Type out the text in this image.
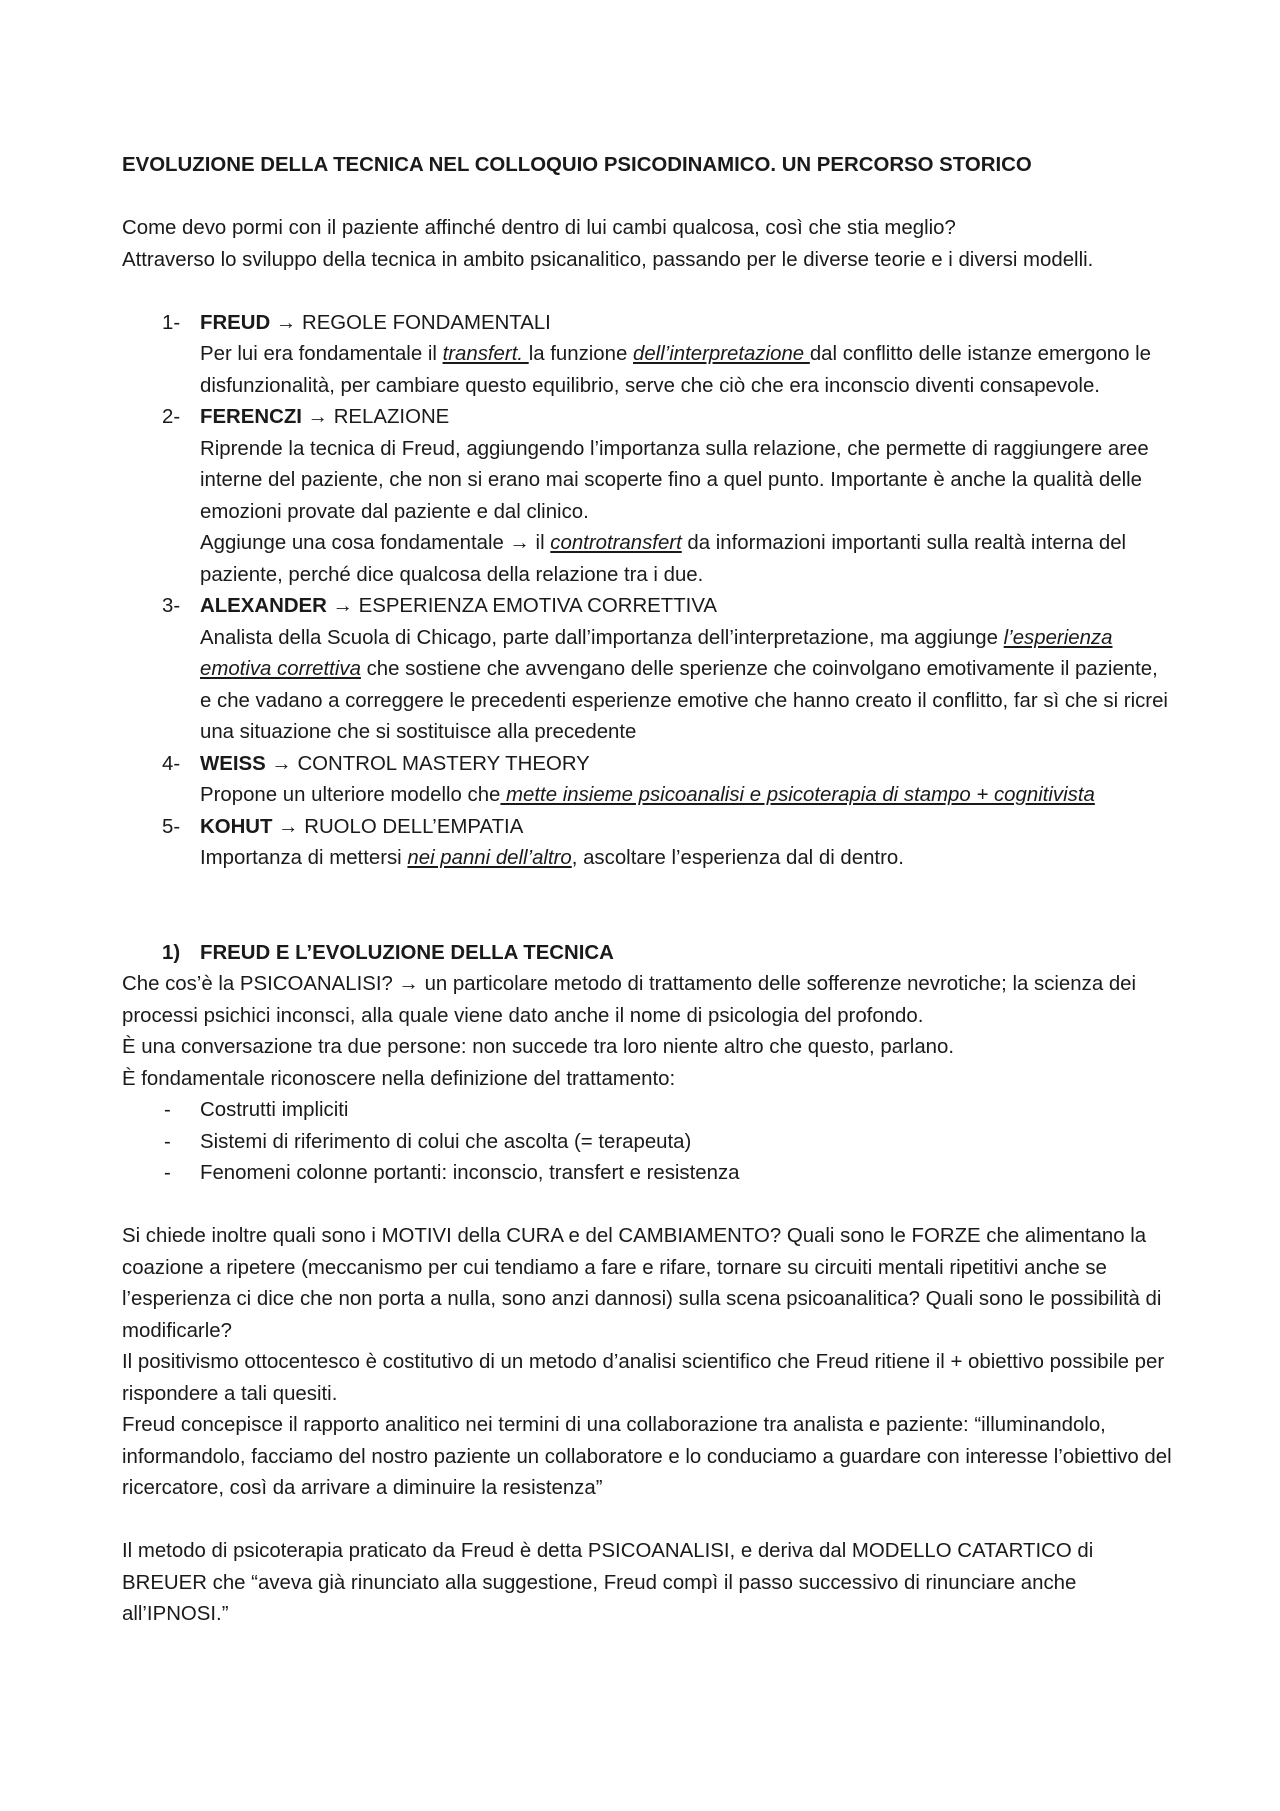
EVOLUZIONE DELLA TECNICA NEL COLLOQUIO PSICODINAMICO. UN PERCORSO STORICO

Come devo pormi con il paziente affinché dentro di lui cambi qualcosa, così che stia meglio?

Attraverso lo sviluppo della tecnica in ambito psicanalitico, passando per le diverse teorie e i diversi modelli.

1- FREUD → REGOLE FONDAMENTALI
Per lui era fondamentale il transfert. la funzione dell’interpretazione dal conflitto delle istanze emergono le disfunzionalità, per cambiare questo equilibrio, serve che ciò che era inconscio diventi consapevole.
2- FERENCZI → RELAZIONE
Riprende la tecnica di Freud, aggiungendo l’importanza sulla relazione, che permette di raggiungere aree interne del paziente, che non si erano mai scoperte fino a quel punto. Importante è anche la qualità delle emozioni provate dal paziente e dal clinico.
Aggiunge una cosa fondamentale → il controtransfert da informazioni importanti sulla realtà interna del paziente, perché dice qualcosa della relazione tra i due.
3- ALEXANDER → ESPERIENZA EMOTIVA CORRETTIVA
Analista della Scuola di Chicago, parte dall’importanza dell’interpretazione, ma aggiunge l’esperienza emotiva correttiva che sostiene che avvengano delle sperienze che coinvolgano emotivamente il paziente, e che vadano a correggere le precedenti esperienze emotive che hanno creato il conflitto, far sì che si ricrei una situazione che si sostituisce alla precedente
4- WEISS → CONTROL MASTERY THEORY
Propone un ulteriore modello che mette insieme psicoanalisi e psicoterapia di stampo + cognitivista
5- KOHUT → RUOLO DELL’EMPATIA
Importanza di mettersi nei panni dell’altro, ascoltare l’esperienza dal di dentro.
1) FREUD E L’EVOLUZIONE DELLA TECNICA

Che cos’è la PSICOANALISI? → un particolare metodo di trattamento delle sofferenze nevrotiche; la scienza dei processi psichici inconsci, alla quale viene dato anche il nome di psicologia del profondo.

È una conversazione tra due persone: non succede tra loro niente altro che questo, parlano.

È fondamentale riconoscere nella definizione del trattamento:

- Costrutti impliciti
- Sistemi di riferimento di colui che ascolta (= terapeuta)
- Fenomeni colonne portanti: inconscio, transfert e resistenza

Si chiede inoltre quali sono i MOTIVI della CURA e del CAMBIAMENTO? Quali sono le FORZE che alimentano la coazione a ripetere (meccanismo per cui tendiamo a fare e rifare, tornare su circuiti mentali ripetitivi anche se l’esperienza ci dice che non porta a nulla, sono anzi dannosi) sulla scena psicoanalitica? Quali sono le possibilità di modificarle?

Il positivismo ottocentesco è costitutivo di un metodo d’analisi scientifico che Freud ritiene il + obiettivo possibile per rispondere a tali quesiti.

Freud concepisce il rapporto analitico nei termini di una collaborazione tra analista e paziente: “illuminandolo, informandolo, facciamo del nostro paziente un collaboratore e lo conduciamo a guardare con interesse l’obiettivo del ricercatore, così da arrivare a diminuire la resistenza”

Il metodo di psicoterapia praticato da Freud è detta PSICOANALISI, e deriva dal MODELLO CATARTICO di BREUER che “aveva già rinunciato alla suggestione, Freud compì il passo successivo di rinunciare anche all’IPNOSI.”
